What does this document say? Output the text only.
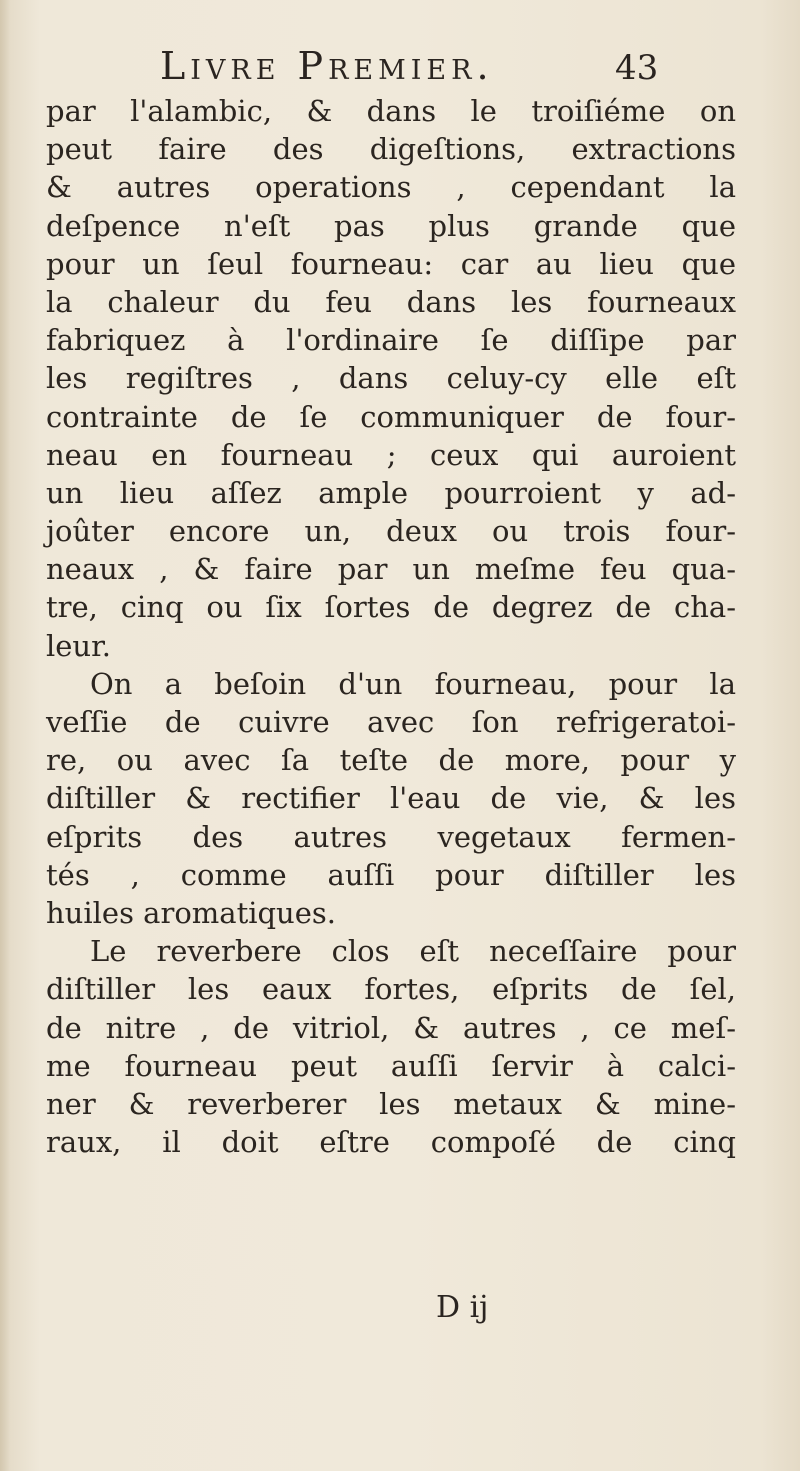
Livre Premier.	43
par l'alambic, & dans le troiſiéme on
peut faire des digeſtions, extractions
& autres operations , cependant la
deſpence n'eſt pas plus grande que
pour un ſeul fourneau: car au lieu que
la chaleur du feu dans les fourneaux
fabriquez à l'ordinaire ſe diſſipe par
les regiſtres , dans celuy-cy elle eſt
contrainte de ſe communiquer de four-
neau en fourneau ; ceux qui auroient
un lieu aſſez ample pourroient y ad-
joûter encore un, deux ou trois four-
neaux , & faire par un meſme feu qua-
tre, cinq ou ſix ſortes de degrez de cha-
leur.
On a beſoin d'un fourneau, pour la
veſſie de cuivre avec ſon refrigeratoi-
re, ou avec ſa teſte de more, pour y
diſtiller & rectifier l'eau de vie, & les
eſprits des autres vegetaux fermen-
tés , comme auſſi pour diſtiller les
huiles aromatiques.
Le reverbere clos eſt neceſſaire pour
diſtiller les eaux fortes, eſprits de ſel,
de nitre , de vitriol, & autres , ce meſ-
me fourneau peut auſſi ſervir à calci-
ner & reverberer les metaux & mine-
raux, il doit eſtre compoſé de cinq
D ij
